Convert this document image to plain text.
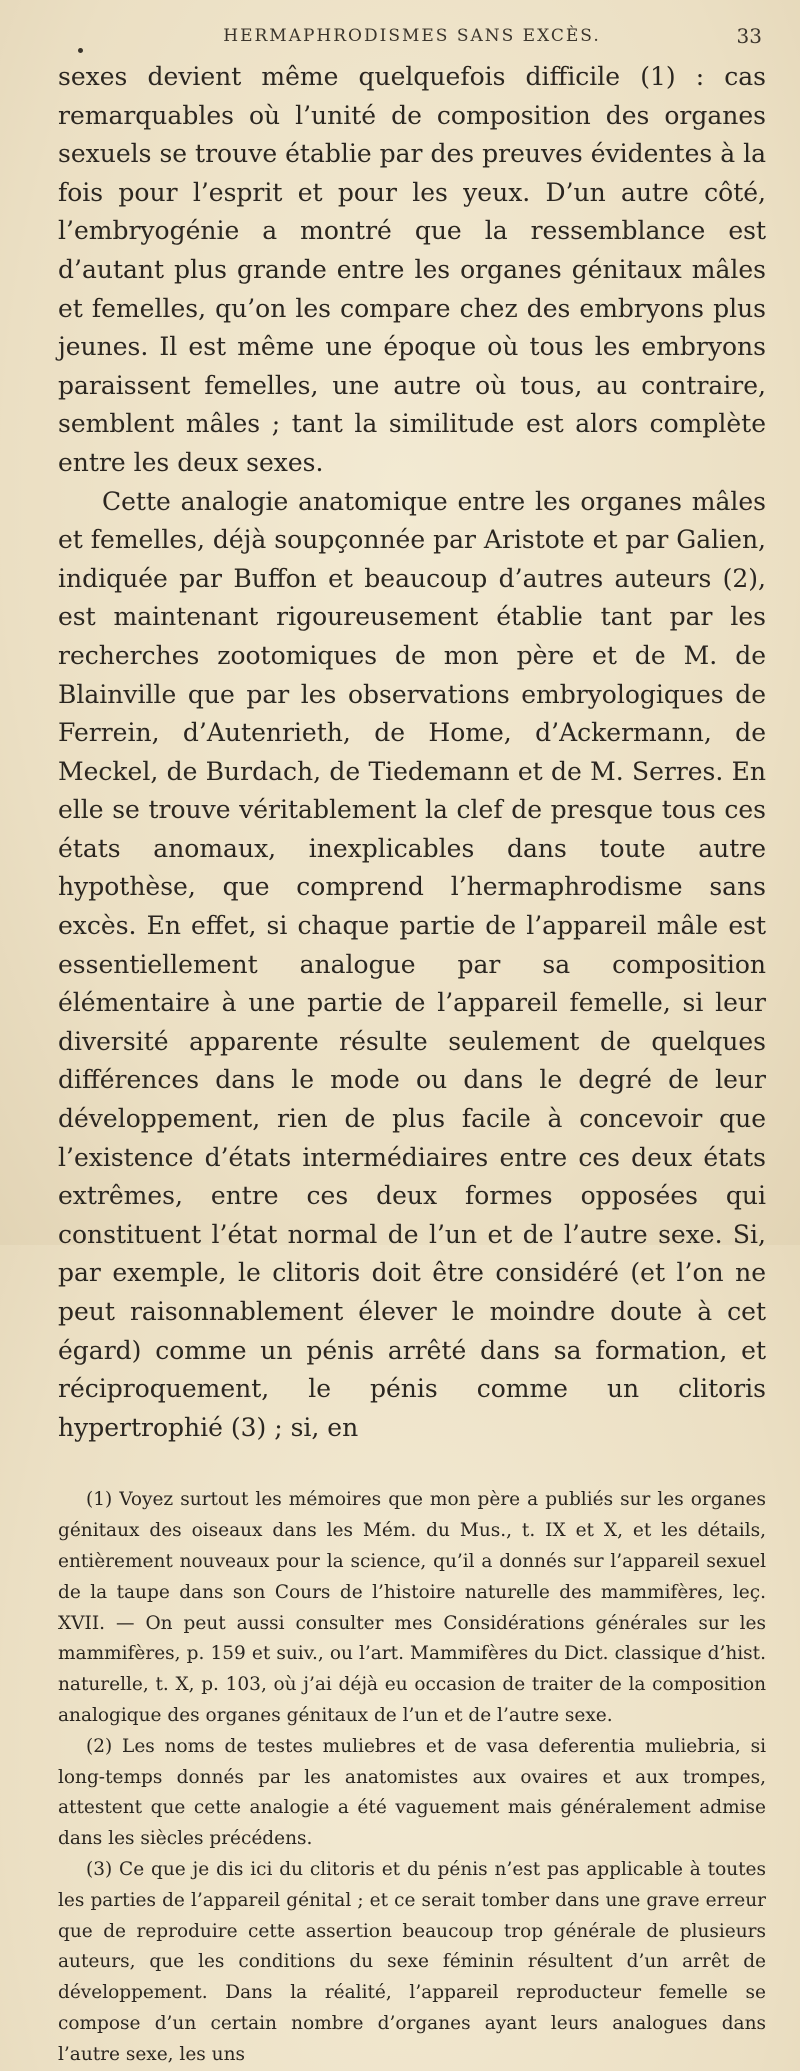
HERMAPHRODISMES SANS EXCÈS.	33

sexes devient même quelquefois difficile (1) : cas remarquables où l’unité de composition des organes sexuels se trouve établie par des preuves évidentes à la fois pour l’esprit et pour les yeux. D’un autre côté, l’embryogénie a montré que la ressemblance est d’autant plus grande entre les organes génitaux mâles et femelles, qu’on les compare chez des embryons plus jeunes. Il est même une époque où tous les embryons paraissent femelles, une autre où tous, au contraire, semblent mâles ; tant la similitude est alors complète entre les deux sexes.

Cette analogie anatomique entre les organes mâles et femelles, déjà soupçonnée par Aristote et par Galien, indiquée par Buffon et beaucoup d’autres auteurs (2), est maintenant rigoureusement établie tant par les recherches zootomiques de mon père et de M. de Blainville que par les observations embryologiques de Ferrein, d’Autenrieth, de Home, d’Ackermann, de Meckel, de Burdach, de Tiedemann et de M. Serres. En elle se trouve véritablement la clef de presque tous ces états anomaux, inexplicables dans toute autre hypothèse, que comprend l’hermaphrodisme sans excès. En effet, si chaque partie de l’appareil mâle est essentiellement analogue par sa composition élémentaire à une partie de l’appareil femelle, si leur diversité apparente résulte seulement de quelques différences dans le mode ou dans le degré de leur développement, rien de plus facile à concevoir que l’existence d’états intermédiaires entre ces deux états extrêmes, entre ces deux formes opposées qui constituent l’état normal de l’un et de l’autre sexe. Si, par exemple, le clitoris doit être considéré (et l’on ne peut raisonnablement élever le moindre doute à cet égard) comme un pénis arrêté dans sa formation, et réciproquement, le pénis comme un clitoris hypertrophié (3) ; si, en

(1) Voyez surtout les mémoires que mon père a publiés sur les organes génitaux des oiseaux dans les Mém. du Mus., t. IX et X, et les détails, entièrement nouveaux pour la science, qu’il a donnés sur l’appareil sexuel de la taupe dans son Cours de l’histoire naturelle des mammifères, leç. XVII. — On peut aussi consulter mes Considérations générales sur les mammifères, p. 159 et suiv., ou l’art. Mammifères du Dict. classique d’hist. naturelle, t. X, p. 103, où j’ai déjà eu occasion de traiter de la composition analogique des organes génitaux de l’un et de l’autre sexe.

(2) Les noms de testes muliebres et de vasa deferentia muliebria, si long-temps donnés par les anatomistes aux ovaires et aux trompes, attestent que cette analogie a été vaguement mais généralement admise dans les siècles précédens.

(3) Ce que je dis ici du clitoris et du pénis n’est pas applicable à toutes les parties de l’appareil génital ; et ce serait tomber dans une grave erreur que de reproduire cette assertion beaucoup trop générale de plusieurs auteurs, que les conditions du sexe féminin résultent d’un arrêt de développement. Dans la réalité, l’appareil reproducteur femelle se compose d’un certain nombre d’organes ayant leurs analogues dans l’autre sexe, les uns
